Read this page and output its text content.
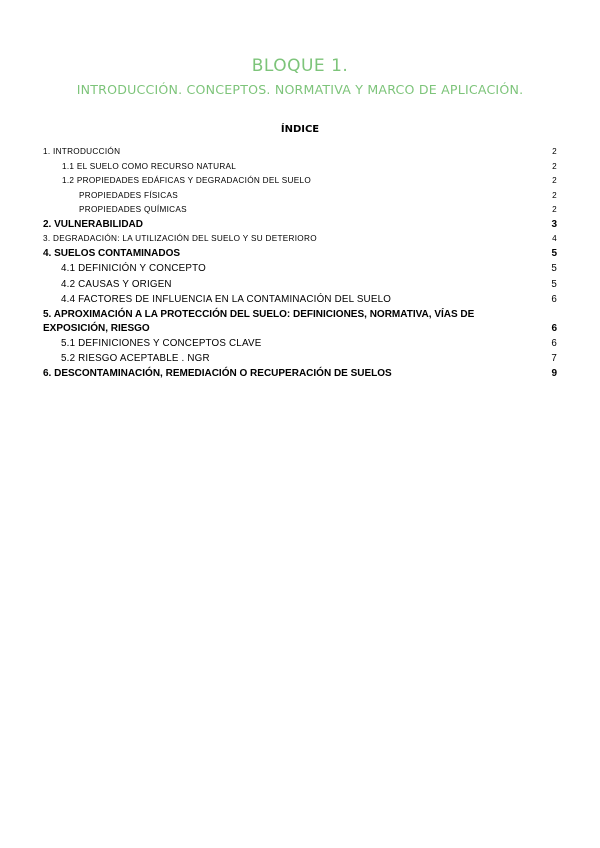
BLOQUE 1.
INTRODUCCIÓN. CONCEPTOS. NORMATIVA Y MARCO DE APLICACIÓN.
ÍNDICE
1. INTRODUCCIÓN	2
1.1 EL SUELO COMO RECURSO NATURAL	2
1.2 PROPIEDADES EDÁFICAS Y DEGRADACIÓN DEL SUELO	2
PROPIEDADES FÍSICAS	2
PROPIEDADES QUÍMICAS	2
2. VULNERABILIDAD	3
3. DEGRADACIÓN: LA UTILIZACIÓN DEL SUELO Y SU DETERIORO	4
4. SUELOS CONTAMINADOS	5
4.1 DEFINICIÓN Y CONCEPTO	5
4.2 CAUSAS Y ORIGEN	5
4.4 FACTORES DE INFLUENCIA EN LA CONTAMINACIÓN DEL SUELO	6
5. APROXIMACIÓN A LA PROTECCIÓN DEL SUELO: DEFINICIONES, NORMATIVA, VÍAS DE EXPOSICIÓN, RIESGO	6
5.1 DEFINICIONES Y CONCEPTOS CLAVE	6
5.2 RIESGO ACEPTABLE . NGR	7
6. DESCONTAMINACIÓN, REMEDIACIÓN O RECUPERACIÓN DE SUELOS	9
